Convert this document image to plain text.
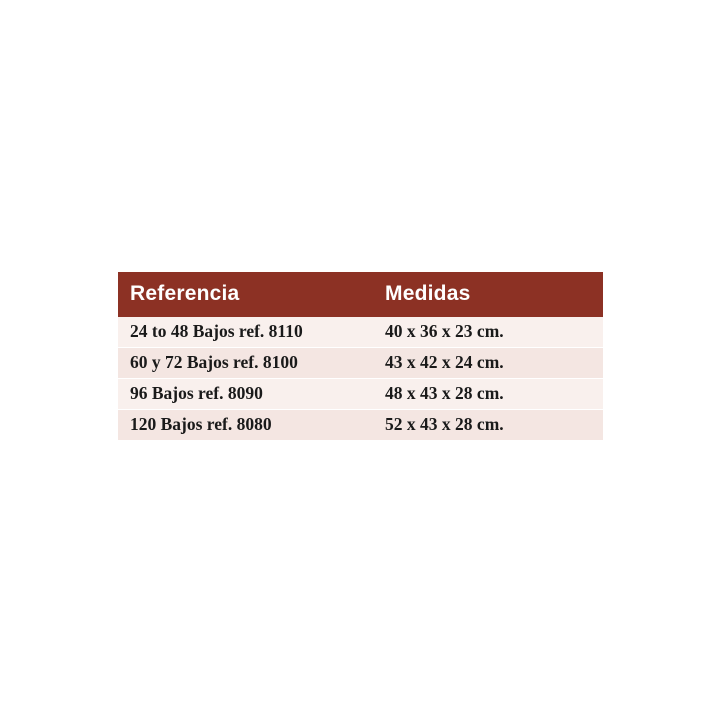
Referencia	Medidas
24 to 48 Bajos ref. 8110	40 x 36 x 23 cm.
60 y 72 Bajos ref. 8100	43 x 42 x 24 cm.
96 Bajos ref. 8090	48 x 43 x 28 cm.
120 Bajos ref. 8080	52 x 43 x 28 cm.
